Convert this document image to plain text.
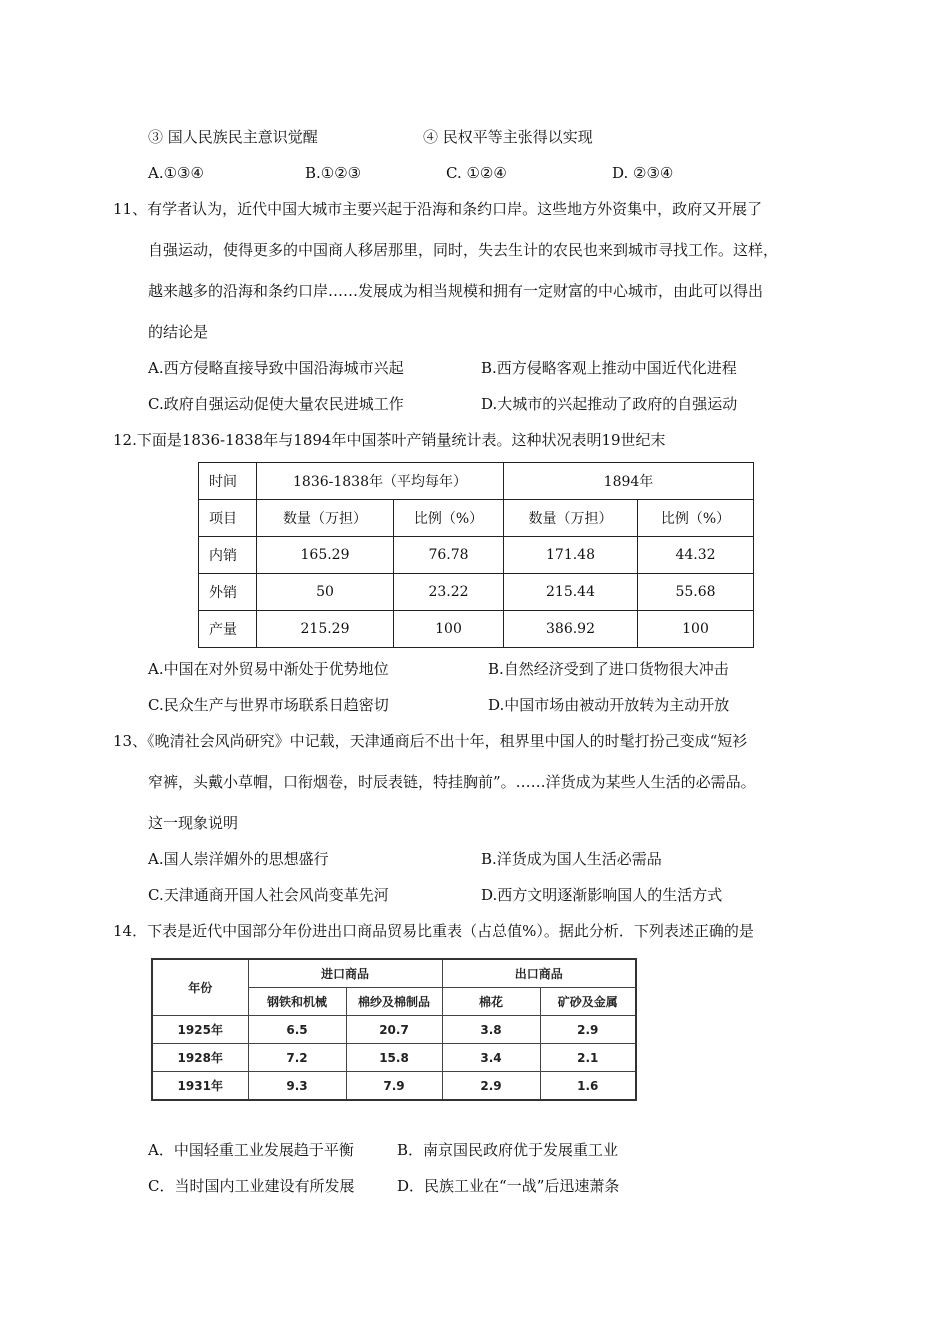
③ 国人民族民主意识觉醒	④ 民权平等主张得以实现
A.①③④	B.①②③	C. ①②④	D. ②③④
11、有学者认为，近代中国大城市主要兴起于沿海和条约口岸。这些地方外资集中，政府又开展了
自强运动，使得更多的中国商人移居那里，同时，失去生计的农民也来到城市寻找工作。这样，
越来越多的沿海和条约口岸……发展成为相当规模和拥有一定财富的中心城市，由此可以得出
的结论是
A.西方侵略直接导致中国沿海城市兴起	B.西方侵略客观上推动中国近代化进程
C.政府自强运动促使大量农民进城工作	D.大城市的兴起推动了政府的自强运动
12.下面是1836-1838年与1894年中国茶叶产销量统计表。这种状况表明19世纪末
时间	1836-1838年（平均每年）		1894年	
项目	数量（万担）	比例（%）	数量（万担）	比例（%）
内销	165.29	76.78	171.48	44.32
外销	50	23.22	215.44	55.68
产量	215.29	100	386.92	100
A.中国在对外贸易中渐处于优势地位	B.自然经济受到了进口货物很大冲击
C.民众生产与世界市场联系日趋密切	D.中国市场由被动开放转为主动开放
13、《晚清社会风尚研究》中记载，天津通商后不出十年，租界里中国人的时髦打扮己变成“短衫
窄裤，头戴小草帽，口衔烟卷，时辰表链，特挂胸前”。……洋货成为某些人生活的必需品。
这一现象说明
A.国人崇洋媚外的思想盛行	B.洋货成为国人生活必需品
C.天津通商开国人社会风尚变革先河	D.西方文明逐渐影响国人的生活方式
14．下表是近代中国部分年份进出口商品贸易比重表（占总值%）。据此分析．下列表述正确的是
年份	进口商品		出口商品	
	钢铁和机械	棉纱及棉制品	棉花	矿砂及金属
1925年	6.5	20.7	3.8	2.9
1928年	7.2	15.8	3.4	2.1
1931年	9.3	7.9	2.9	1.6
A．中国轻重工业发展趋于平衡	B．南京国民政府优于发展重工业
C．当时国内工业建设有所发展	D．民族工业在“一战”后迅速萧条
